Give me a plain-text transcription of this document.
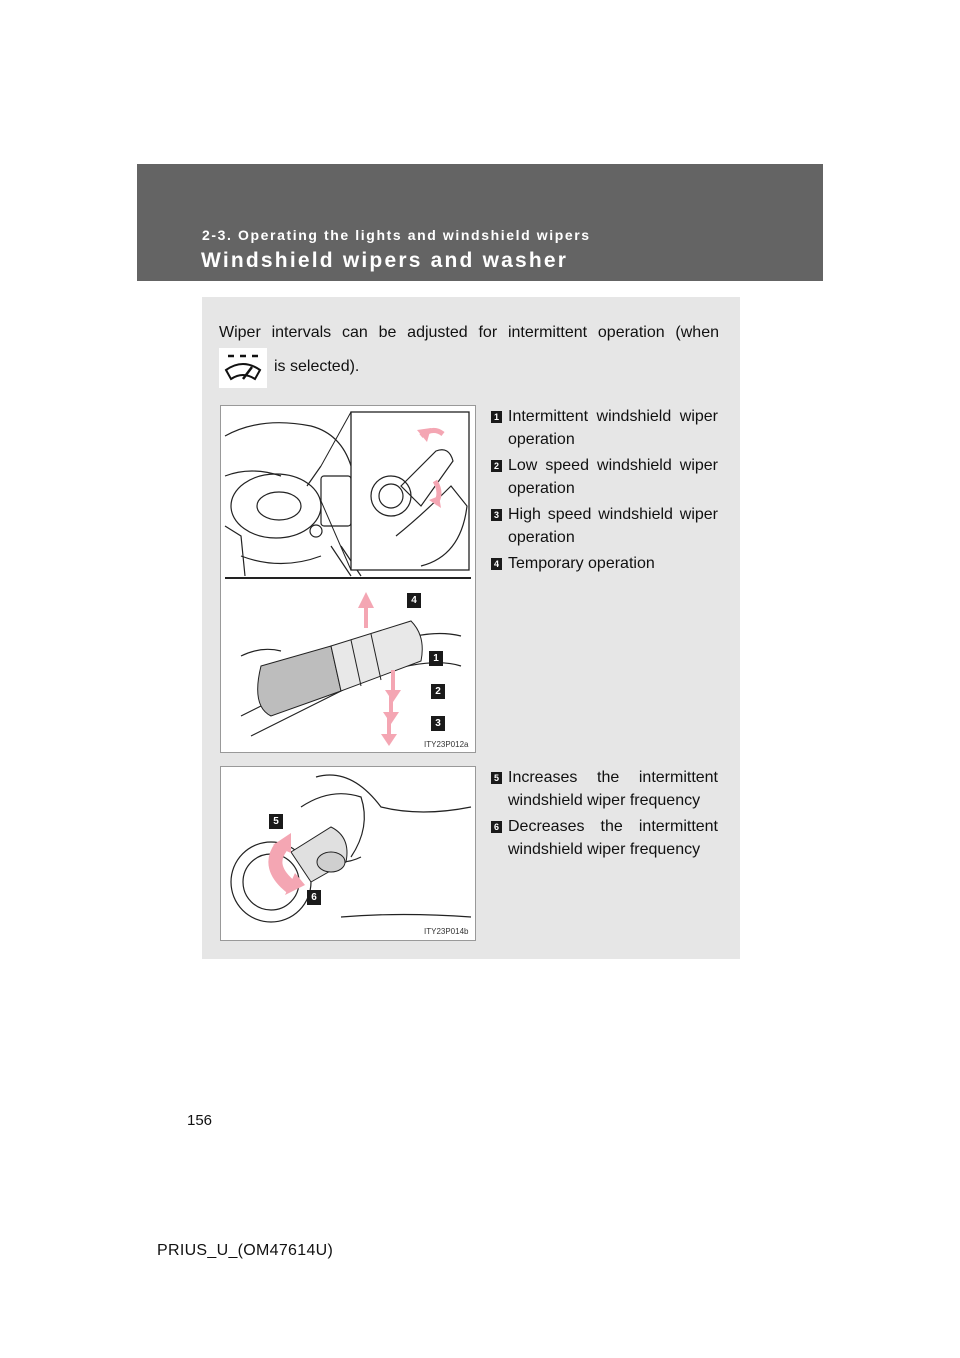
2-3. Operating the lights and windshield wipers
Windshield wipers and washer
Wiper intervals can be adjusted for intermittent operation (when
is selected).
4
1
2
3
ITY23P012a
1 Intermittent windshield wiper operation
2 Low speed windshield wiper operation
3 High speed windshield wiper operation
4 Temporary operation
5
6
ITY23P014b
5 Increases the intermittent windshield wiper frequency
6 Decreases the intermittent windshield wiper frequency
156
PRIUS_U_(OM47614U)
